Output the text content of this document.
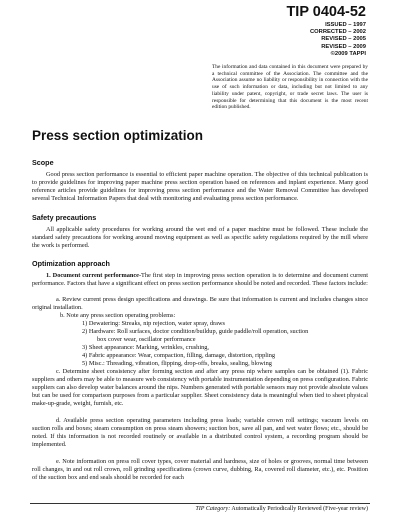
TIP 0404-52
ISSUED – 1997
CORRECTED – 2002
REVISED – 2005
REVISED – 2009
©2009 TAPPI
The information and data contained in this document were prepared by a technical committee of the Association. The committee and the Association assume no liability or responsibility in connection with the use of such information or data, including but not limited to any liability under patent, copyright, or trade secret laws. The user is responsible for determining that this document is the most recent edition published.
Press section optimization
Scope
Good press section performance is essential to efficient paper machine operation. The objective of this technical publication is to provide guidelines for improving paper machine press section operation based on references and inplant experience. Many good reference articles provide guidelines for improving press section performance and the Water Removal Committee has developed several Technical Information Papers that deal with monitoring and evaluating press section performance.
Safety precautions
All applicable safety procedures for working around the wet end of a paper machine must be followed. These include the standard safety precautions for working around moving equipment as well as specific safety regulations required by the mill where the work is performed.
Optimization approach
1. Document current performance-The first step in improving press section operation is to determine and document current performance. Factors that have a significant effect on press section performance should be noted and recorded. These factors include:
a. Review current press design specifications and drawings. Be sure that information is current and includes changes since original installation.
b. Note any press section operating problems:
1) Dewatering: Streaks, nip rejection, water spray, draws
2) Hardware: Roll surfaces, doctor condition/buildup, guide paddle/roll operation, suction
box cover wear, oscillator performance
3) Sheet appearance: Marking, wrinkles, crushing,
4) Fabric appearance: Wear, compaction, filling, damage, distortion, rippling
5) Misc.: Threading, vibration, flipping, drop-offs, breaks, sealing, blowing
c. Determine sheet consistency after forming section and after any press nip where samples can be obtained (1). Fabric suppliers and others may be able to measure web consistency with portable instrumentation depending on press configuration. Fabric suppliers can also develop water balances around the nips. Numbers generated with portable sensors may not provide absolute values but can be used for comparison purposes from a particular supplier. Sheet consistency data is meaningful when tied to sheet physical make-up-grade, weight, furnish, etc.
d. Available press section operating parameters including press loads; variable crown roll settings; vacuum levels on suction rolls and boxes; steam consumption on press steam showers; suction box, save all pan, and wet water flows; etc., should be noted. If this information is not recorded routinely or available in a distributed control system, a recording program should be implemented.
e. Note information on press roll cover types, cover material and hardness, size of holes or grooves, normal time between roll changes, in and out roll crown, roll grinding specifications (crown curve, dubbing, Ra, covered roll diameter, etc.), etc. Position of the suction box and end seals should be recorded for each
TIP Category: Automatically Periodically Reviewed (Five-year review)
